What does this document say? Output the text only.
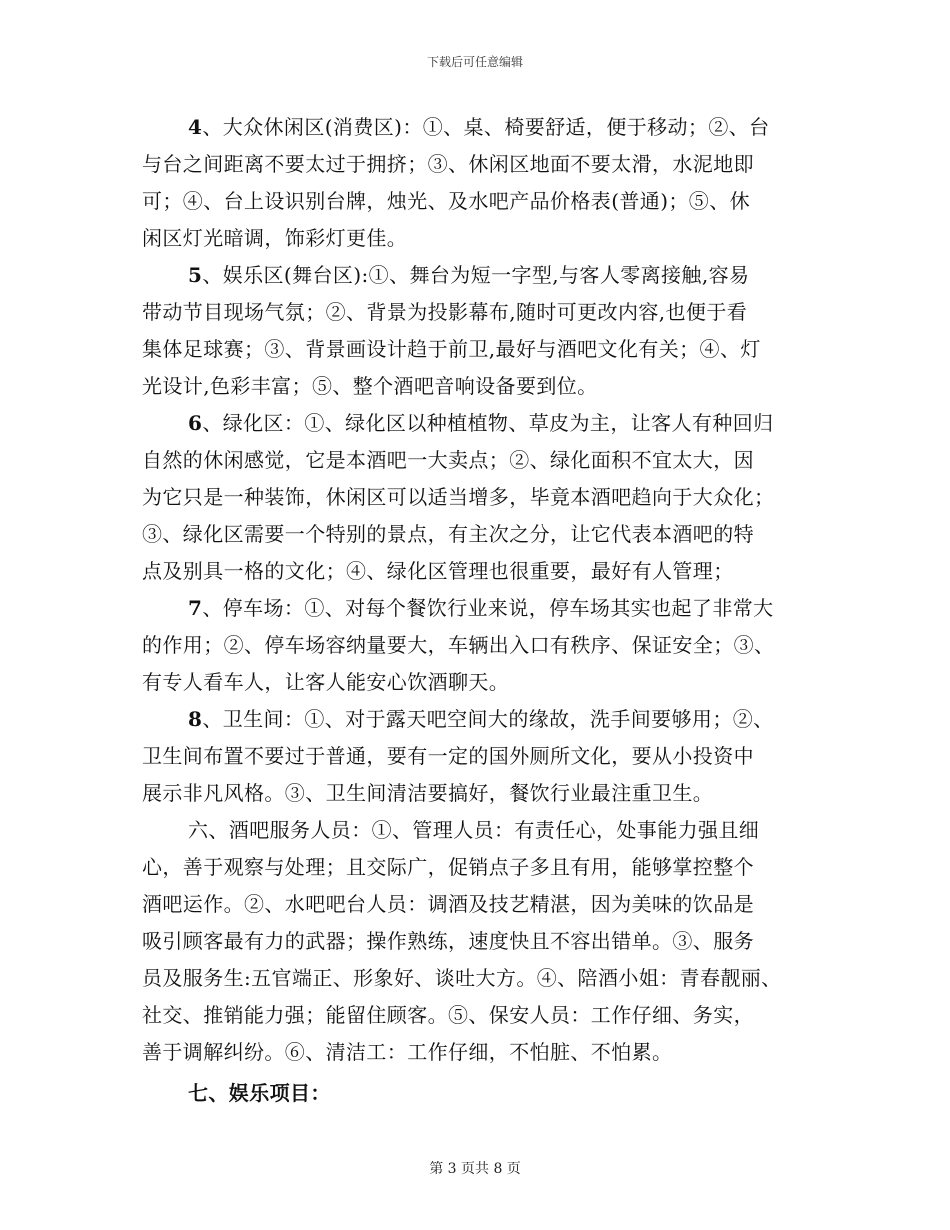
下载后可任意编辑
4、大众休闲区(消费区)：①、桌、椅要舒适，便于移动；②、台
与台之间距离不要太过于拥挤；③、休闲区地面不要太滑，水泥地即
可；④、台上设识别台牌，烛光、及水吧产品价格表(普通)；⑤、休
闲区灯光暗调，饰彩灯更佳。
5、娱乐区(舞台区):①、舞台为短一字型,与客人零离接触,容易
带动节目现场气氛；②、背景为投影幕布,随时可更改内容,也便于看
集体足球赛；③、背景画设计趋于前卫,最好与酒吧文化有关；④、灯
光设计,色彩丰富；⑤、整个酒吧音响设备要到位。
6、绿化区：①、绿化区以种植植物、草皮为主，让客人有种回归
自然的休闲感觉，它是本酒吧一大卖点；②、绿化面积不宜太大，因
为它只是一种装饰，休闲区可以适当增多，毕竟本酒吧趋向于大众化；
③、绿化区需要一个特别的景点，有主次之分，让它代表本酒吧的特
点及别具一格的文化；④、绿化区管理也很重要，最好有人管理；
7、停车场：①、对每个餐饮行业来说，停车场其实也起了非常大
的作用；②、停车场容纳量要大，车辆出入口有秩序、保证安全；③、
有专人看车人，让客人能安心饮酒聊天。
8、卫生间：①、对于露天吧空间大的缘故，洗手间要够用；②、
卫生间布置不要过于普通，要有一定的国外厕所文化，要从小投资中
展示非凡风格。③、卫生间清洁要搞好，餐饮行业最注重卫生。
六、酒吧服务人员：①、管理人员：有责任心，处事能力强且细
心，善于观察与处理；且交际广，促销点子多且有用，能够掌控整个
酒吧运作。②、水吧吧台人员：调酒及技艺精湛，因为美味的饮品是
吸引顾客最有力的武器；操作熟练，速度快且不容出错单。③、服务
员及服务生:五官端正、形象好、谈吐大方。④、陪酒小姐：青春靓丽、
社交、推销能力强；能留住顾客。⑤、保安人员：工作仔细、务实，
善于调解纠纷。⑥、清洁工：工作仔细，不怕脏、不怕累。
七、娱乐项目：
第 3 页共 8 页
